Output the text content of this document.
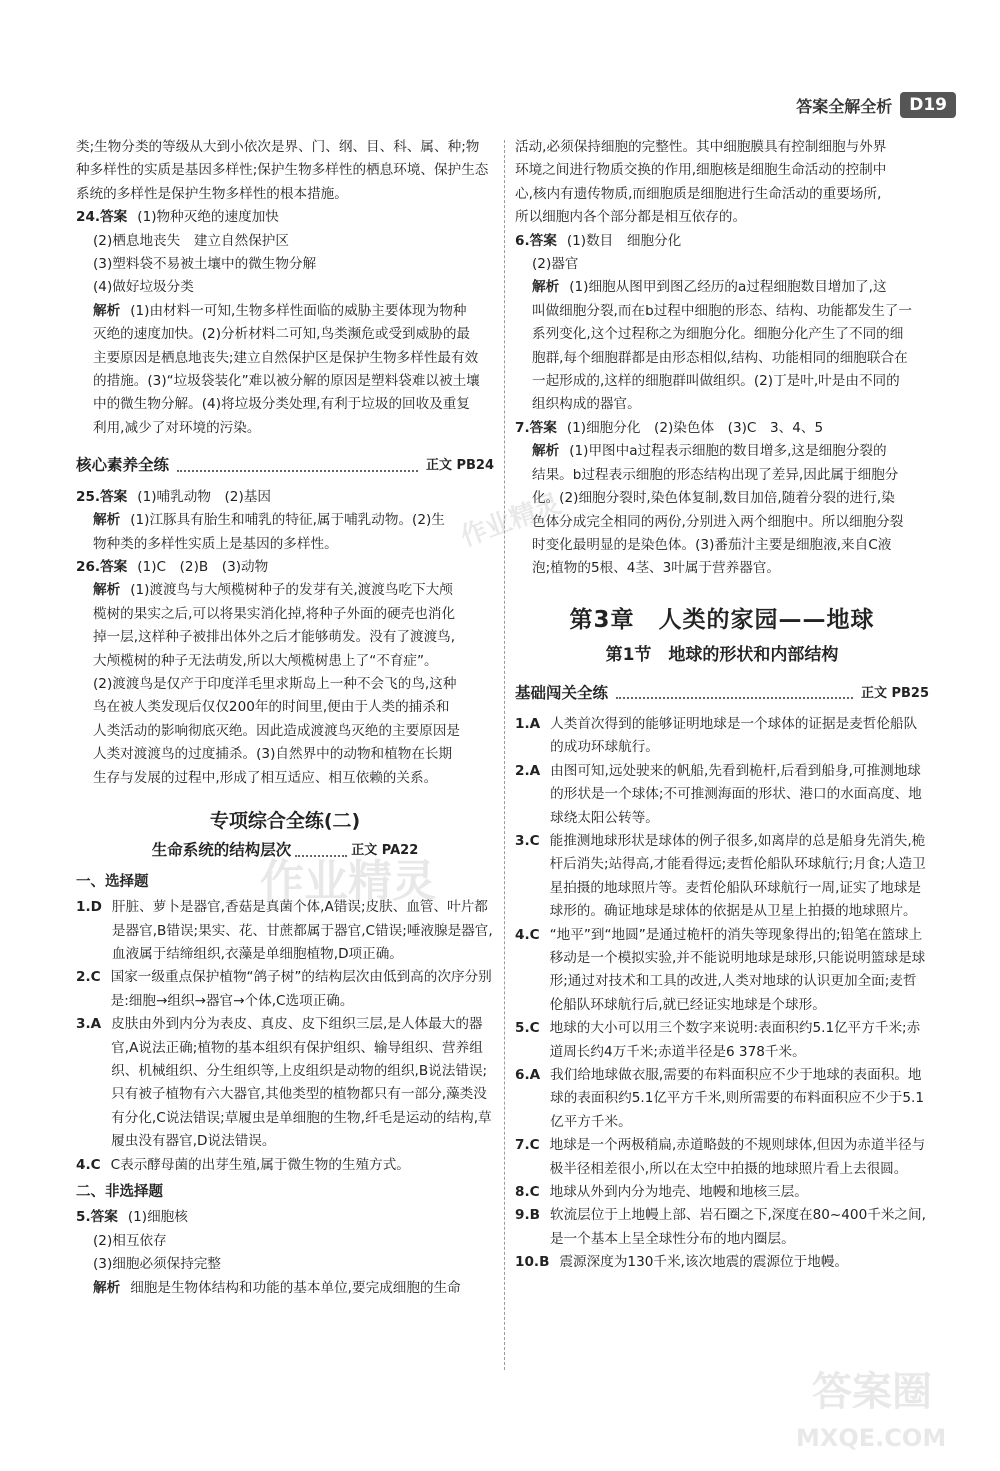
答案全解全析	D19

类;生物分类的等级从大到小依次是界、门、纲、目、科、属、种;物

种多样性的实质是基因多样性;保护生物多样性的栖息环境、保护生态

系统的多样性是保护生物多样性的根本措施。

24.答案 (1)物种灭绝的速度加快

(2)栖息地丧失　建立自然保护区

(3)塑料袋不易被土壤中的微生物分解

(4)做好垃圾分类

解析 (1)由材料一可知,生物多样性面临的威胁主要体现为物种

灭绝的速度加快。(2)分析材料二可知,鸟类濒危或受到威胁的最

主要原因是栖息地丧失;建立自然保护区是保护生物多样性最有效

的措施。(3)“垃圾袋装化”难以被分解的原因是塑料袋难以被土壤

中的微生物分解。(4)将垃圾分类处理,有利于垃圾的回收及重复

利用,减少了对环境的污染。

核心素养全练	正文 PB24

25.答案 (1)哺乳动物　(2)基因

解析 (1)江豚具有胎生和哺乳的特征,属于哺乳动物。(2)生

物种类的多样性实质上是基因的多样性。

26.答案 (1)C　(2)B　(3)动物

解析 (1)渡渡鸟与大颅榄树种子的发芽有关,渡渡鸟吃下大颅

榄树的果实之后,可以将果实消化掉,将种子外面的硬壳也消化

掉一层,这样种子被排出体外之后才能够萌发。没有了渡渡鸟,

大颅榄树的种子无法萌发,所以大颅榄树患上了“不育症”。

(2)渡渡鸟是仅产于印度洋毛里求斯岛上一种不会飞的鸟,这种

鸟在被人类发现后仅仅200年的时间里,便由于人类的捕杀和

人类活动的影响彻底灭绝。因此造成渡渡鸟灭绝的主要原因是

人类对渡渡鸟的过度捕杀。(3)自然界中的动物和植物在长期

生存与发展的过程中,形成了相互适应、相互依赖的关系。

专项综合全练(二)
生命系统的结构层次	正文 PA22
一、选择题
1.D 肝脏、萝卜是器官,香菇是真菌个体,A错误;皮肤、血管、叶片都是器官,B错误;果实、花、甘蔗都属于器官,C错误;唾液腺是器官,血液属于结缔组织,衣藻是单细胞植物,D项正确。
2.C 国家一级重点保护植物“鸽子树”的结构层次由低到高的次序分别是:细胞→组织→器官→个体,C选项正确。
3.A 皮肤由外到内分为表皮、真皮、皮下组织三层,是人体最大的器官,A说法正确;植物的基本组织有保护组织、输导组织、营养组织、机械组织、分生组织等,上皮组织是动物的组织,B说法错误;只有被子植物有六大器官,其他类型的植物都只有一部分,藻类没有分化,C说法错误;草履虫是单细胞的生物,纤毛是运动的结构,草履虫没有器官,D说法错误。
4.C C表示酵母菌的出芽生殖,属于微生物的生殖方式。
二、非选择题

5.答案 (1)细胞核

(2)相互依存

(3)细胞必须保持完整

解析 细胞是生物体结构和功能的基本单位,要完成细胞的生命

活动,必须保持细胞的完整性。其中细胞膜具有控制细胞与外界

环境之间进行物质交换的作用,细胞核是细胞生命活动的控制中

心,核内有遗传物质,而细胞质是细胞进行生命活动的重要场所,

所以细胞内各个部分都是相互依存的。

6.答案 (1)数目　细胞分化

(2)器官

解析 (1)细胞从图甲到图乙经历的a过程细胞数目增加了,这

叫做细胞分裂,而在b过程中细胞的形态、结构、功能都发生了一

系列变化,这个过程称之为细胞分化。细胞分化产生了不同的细

胞群,每个细胞群都是由形态相似,结构、功能相同的细胞联合在

一起形成的,这样的细胞群叫做组织。(2)丁是叶,叶是由不同的

组织构成的器官。

7.答案 (1)细胞分化　(2)染色体　(3)C　3、4、5

解析 (1)甲图中a过程表示细胞的数目增多,这是细胞分裂的

结果。b过程表示细胞的形态结构出现了差异,因此属于细胞分

化。(2)细胞分裂时,染色体复制,数目加倍,随着分裂的进行,染

色体分成完全相同的两份,分别进入两个细胞中。所以细胞分裂

时变化最明显的是染色体。(3)番茄汁主要是细胞液,来自C液

泡;植物的5根、4茎、3叶属于营养器官。

第3章　人类的家园——地球
第1节　地球的形状和内部结构
基础闯关全练	正文 PB25
1.A 人类首次得到的能够证明地球是一个球体的证据是麦哲伦船队的成功环球航行。
2.A 由图可知,远处驶来的帆船,先看到桅杆,后看到船身,可推测地球的形状是一个球体;不可推测海面的形状、港口的水面高度、地球绕太阳公转等。
3.C 能推测地球形状是球体的例子很多,如离岸的总是船身先消失,桅杆后消失;站得高,才能看得远;麦哲伦船队环球航行;月食;人造卫星拍摄的地球照片等。麦哲伦船队环球航行一周,证实了地球是球形的。确证地球是球体的依据是从卫星上拍摄的地球照片。
4.C “地平”到“地圆”是通过桅杆的消失等现象得出的;铅笔在篮球上移动是一个模拟实验,并不能说明地球是球形,只能说明篮球是球形;通过对技术和工具的改进,人类对地球的认识更加全面;麦哲伦船队环球航行后,就已经证实地球是个球形。
5.C 地球的大小可以用三个数字来说明:表面积约5.1亿平方千米;赤道周长约4万千米;赤道半径是6 378千米。
6.A 我们给地球做衣服,需要的布料面积应不少于地球的表面积。地球的表面积约5.1亿平方千米,则所需要的布料面积应不少于5.1亿平方千米。
7.C 地球是一个两极稍扁,赤道略鼓的不规则球体,但因为赤道半径与极半径相差很小,所以在太空中拍摄的地球照片看上去很圆。
8.C 地球从外到内分为地壳、地幔和地核三层。
9.B 软流层位于上地幔上部、岩石圈之下,深度在80~400千米之间,是一个基本上呈全球性分布的地内圈层。
10.B 震源深度为130千米,该次地震的震源位于地幔。
作业精灵
作业精灵
答案圈
MXQE.COM
